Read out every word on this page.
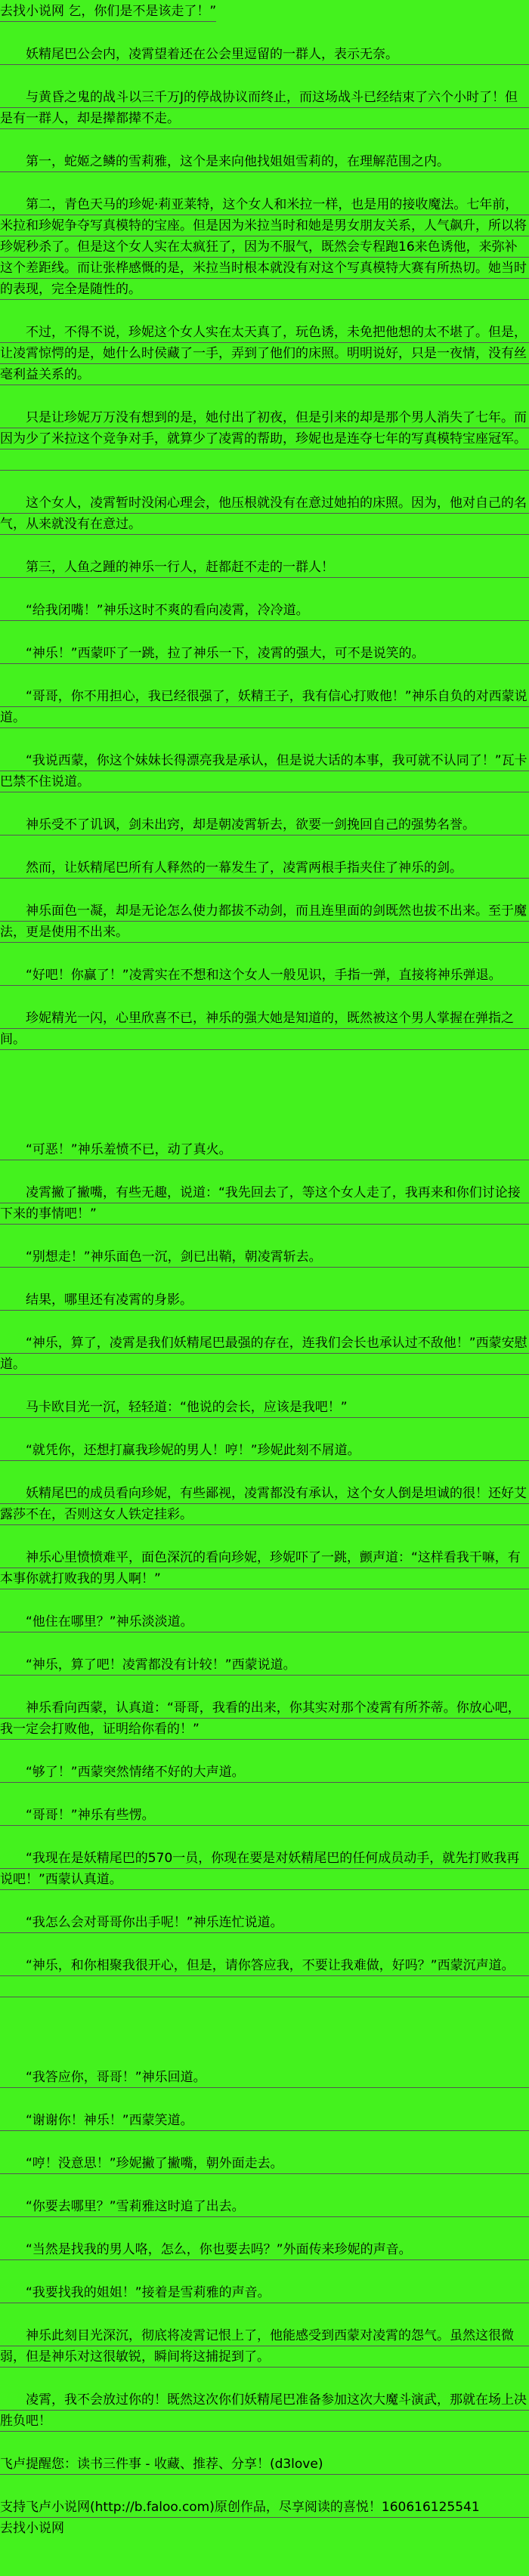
去找小说网 乞，你们是不是该走了！”

妖精尾巴公会内，凌霄望着还在公会里逗留的一群人，表示无奈。

与黄昏之鬼的战斗以三千万J的停战协议而终止，而这场战斗已经结束了六个小时了！但是有一群人，却是撵都撵不走。

第一，蛇姬之鳞的雪莉雅，这个是来向他找姐姐雪莉的，在理解范围之内。

第二，青色天马的珍妮·莉亚莱特，这个女人和米拉一样，也是用的接收魔法。七年前，米拉和珍妮争夺写真模特的宝座。但是因为米拉当时和她是男女朋友关系，人气飙升，所以将珍妮秒杀了。但是这个女人实在太疯狂了，因为不服气，既然会专程跑16来色诱他，来弥补这个差距线。而让张桦感慨的是，米拉当时根本就没有对这个写真模特大赛有所热切。她当时的表现，完全是随性的。

不过，不得不说，珍妮这个女人实在太天真了，玩色诱，未免把他想的太不堪了。但是，让凌霄惊愕的是，她什么时侯藏了一手，弄到了他们的床照。明明说好，只是一夜情，没有丝毫利益关系的。

只是让珍妮万万没有想到的是，她付出了初夜，但是引来的却是那个男人消失了七年。而因为少了米拉这个竞争对手，就算少了凌霄的帮助，珍妮也是连夺七年的写真模特宝座冠军。

这个女人，凌霄暂时没闲心理会，他压根就没有在意过她拍的床照。因为，他对自己的名气，从来就没有在意过。

第三，人鱼之踵的神乐一行人，赶都赶不走的一群人！

“给我闭嘴！”神乐这时不爽的看向凌霄，冷冷道。

“神乐！”西蒙吓了一跳，拉了神乐一下，凌霄的强大，可不是说笑的。

“哥哥，你不用担心，我已经很强了，妖精王子，我有信心打败他！”神乐自负的对西蒙说道。

“我说西蒙，你这个妹妹长得漂亮我是承认，但是说大话的本事，我可就不认同了！”瓦卡巴禁不住说道。

神乐受不了讥讽，剑未出窍，却是朝凌霄斩去，欲要一剑挽回自己的强势名誉。

然而，让妖精尾巴所有人释然的一幕发生了，凌霄两根手指夹住了神乐的剑。

神乐面色一凝，却是无论怎么使力都拔不动剑，而且连里面的剑既然也拔不出来。至于魔法，更是使用不出来。

“好吧！你赢了！”凌霄实在不想和这个女人一般见识，手指一弹，直接将神乐弹退。

珍妮精光一闪，心里欣喜不已，神乐的强大她是知道的，既然被这个男人掌握在弹指之间。

“可恶！”神乐羞愤不已，动了真火。

凌霄撇了撇嘴，有些无趣，说道：“我先回去了，等这个女人走了，我再来和你们讨论接下来的事情吧！”

“别想走！”神乐面色一沉，剑已出鞘，朝凌霄斩去。

结果，哪里还有凌霄的身影。

“神乐，算了，凌霄是我们妖精尾巴最强的存在，连我们会长也承认过不敌他！”西蒙安慰道。

马卡欧目光一沉，轻轻道：“他说的会长，应该是我吧！”

“就凭你，还想打赢我珍妮的男人！哼！”珍妮此刻不屑道。

妖精尾巴的成员看向珍妮，有些鄙视，凌霄都没有承认，这个女人倒是坦诚的很！还好艾露莎不在，否则这女人铁定挂彩。

神乐心里愤愤难平，面色深沉的看向珍妮，珍妮吓了一跳，颤声道：“这样看我干嘛，有本事你就打败我的男人啊！”

“他住在哪里？”神乐淡淡道。

“神乐，算了吧！凌霄都没有计较！”西蒙说道。

神乐看向西蒙，认真道：“哥哥，我看的出来，你其实对那个凌霄有所芥蒂。你放心吧，我一定会打败他，证明给你看的！”

“够了！”西蒙突然情绪不好的大声道。

“哥哥！”神乐有些愣。

“我现在是妖精尾巴的570一员，你现在要是对妖精尾巴的任何成员动手，就先打败我再说吧！”西蒙认真道。

“我怎么会对哥哥你出手呢！”神乐连忙说道。

“神乐，和你相聚我很开心，但是，请你答应我，不要让我难做，好吗？”西蒙沉声道。

“我答应你，哥哥！”神乐回道。

“谢谢你！神乐！”西蒙笑道。

“哼！没意思！”珍妮撇了撇嘴，朝外面走去。

“你要去哪里？”雪莉雅这时追了出去。

“当然是找我的男人咯，怎么，你也要去吗？”外面传来珍妮的声音。

“我要找我的姐姐！”接着是雪莉雅的声音。

神乐此刻目光深沉，彻底将凌霄记恨上了，他能感受到西蒙对凌霄的怨气。虽然这很微弱，但是神乐对这很敏锐，瞬间将这捕捉到了。

凌霄，我不会放过你的！既然这次你们妖精尾巴准备参加这次大魔斗演武，那就在场上决胜负吧！

飞卢提醒您：读书三件事 - 收藏、推荐、分享！(d3love)

支持飞卢小说网(http://b.faloo.com)原创作品，尽享阅读的喜悦！160616125541

去找小说网
